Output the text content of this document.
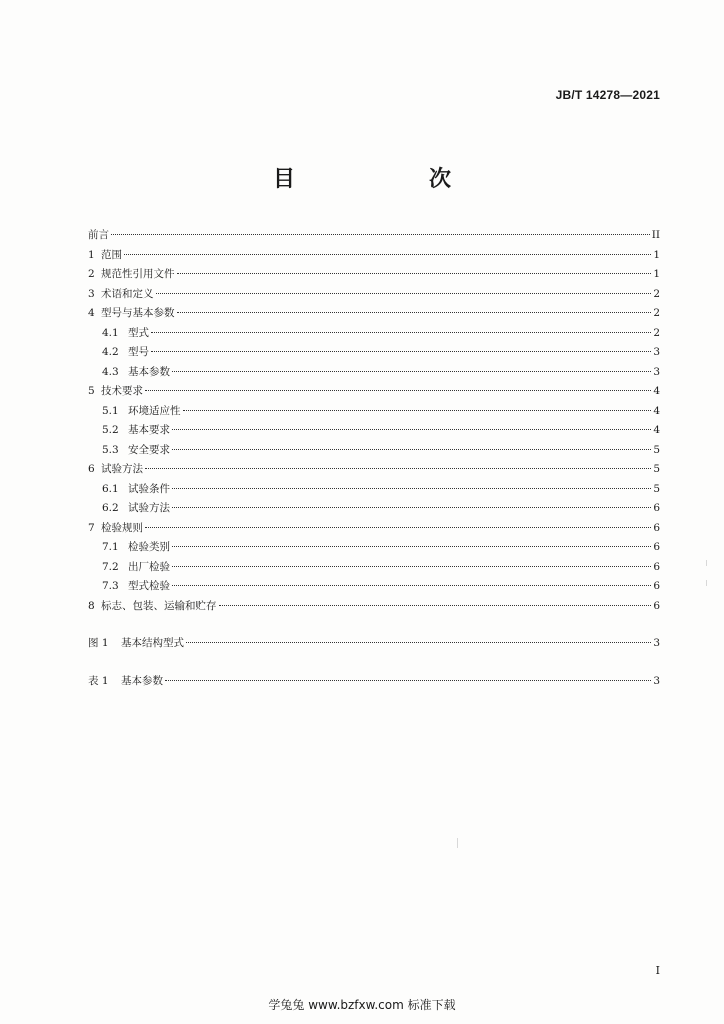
JB/T 14278—2021
目　　次
前言	II
1 范围	1
2 规范性引用文件	1
3 术语和定义	2
4 型号与基本参数	2
4.1 型式	2
4.2 型号	3
4.3 基本参数	3
5 技术要求	4
5.1 环境适应性	4
5.2 基本要求	4
5.3 安全要求	5
6 试验方法	5
6.1 试验条件	5
6.2 试验方法	6
7 检验规则	6
7.1 检验类别	6
7.2 出厂检验	6
7.3 型式检验	6
8 标志、包装、运输和贮存	6
图 1	基本结构型式	3
表 1	基本参数	3
I
学兔兔 www.bzfxw.com 标准下载
